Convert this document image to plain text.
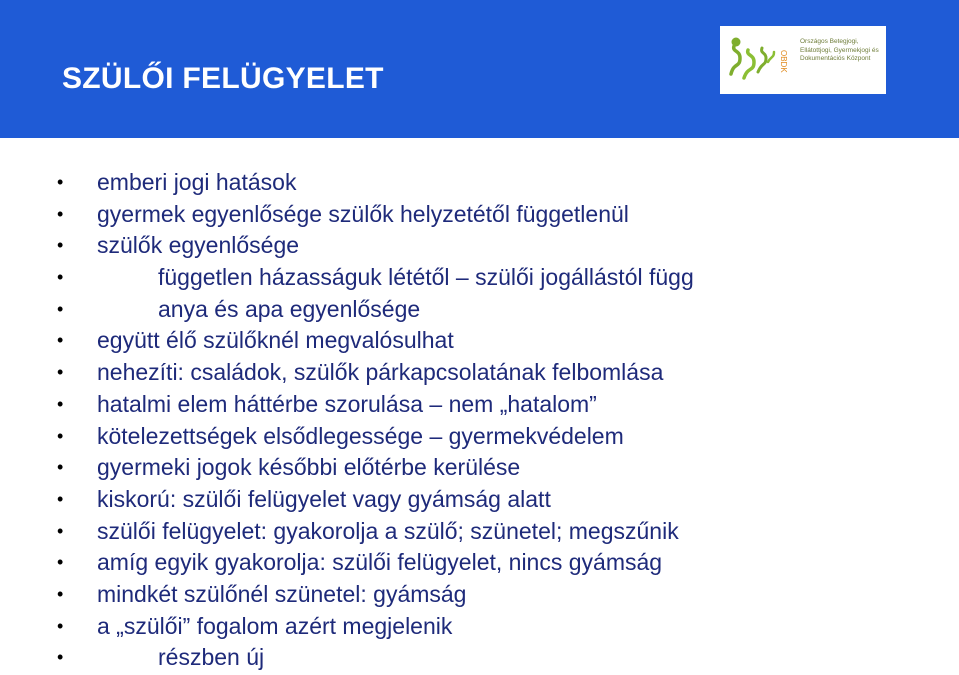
SZÜLŐI FELÜGYELET
OBDK
Országos Betegjogi,
Ellátottjogi, Gyermekjogi és
Dokumentációs Központ
• emberi jogi hatások
• gyermek egyenlősége szülők helyzetétől függetlenül
• szülők egyenlősége
•	független házasságuk lététől – szülői jogállástól függ
•	anya és apa egyenlősége
• együtt élő szülőknél megvalósulhat
• nehezíti: családok, szülők párkapcsolatának felbomlása
• hatalmi elem háttérbe szorulása – nem „hatalom”
• kötelezettségek elsődlegessége – gyermekvédelem
• gyermeki jogok későbbi előtérbe kerülése
• kiskorú: szülői felügyelet vagy gyámság alatt
• szülői felügyelet: gyakorolja a szülő; szünetel; megszűnik
• amíg egyik gyakorolja: szülői felügyelet, nincs gyámság
• mindkét szülőnél szünetel: gyámság
• a „szülői” fogalom azért megjelenik
•	részben új
